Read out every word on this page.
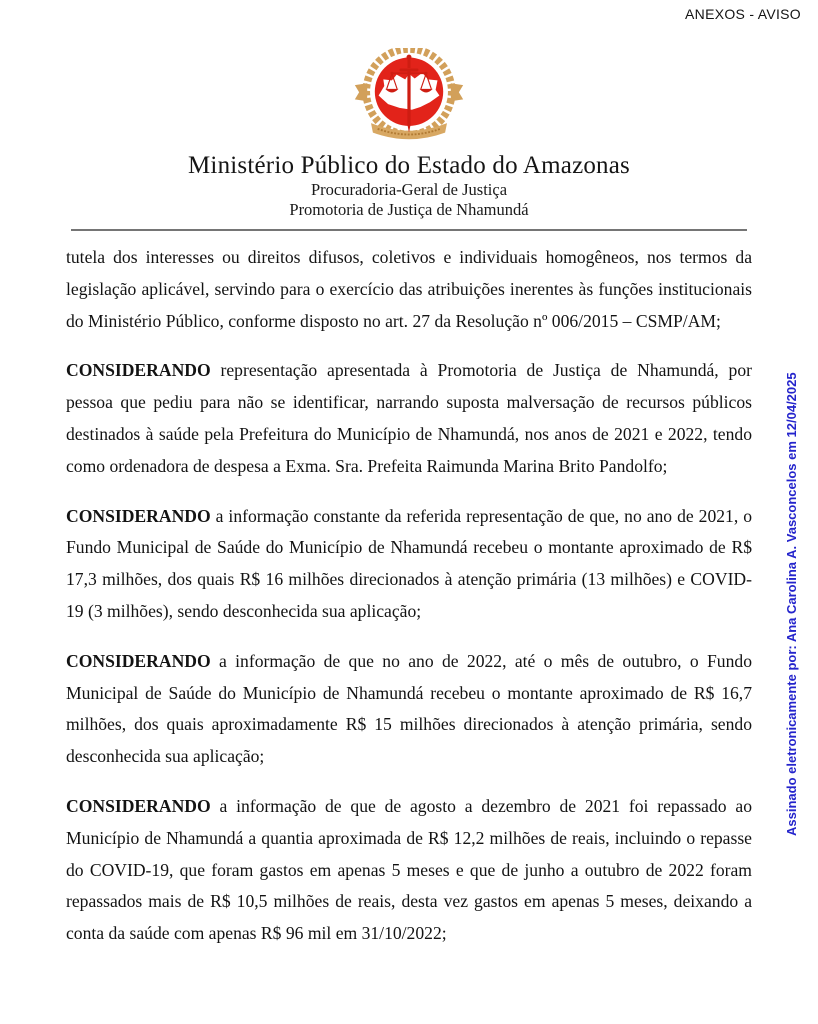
ANEXOS - AVISO
Ministério Público do Estado do Amazonas
Procuradoria-Geral de Justiça
Promotoria de Justiça de Nhamundá

tutela dos interesses ou direitos difusos, coletivos e individuais homogêneos, nos termos da legislação aplicável, servindo para o exercício das atribuições inerentes às funções institucionais do Ministério Público, conforme disposto no art. 27 da Resolução nº 006/2015 – CSMP/AM;

CONSIDERANDO representação apresentada à Promotoria de Justiça de Nhamundá, por pessoa que pediu para não se identificar, narrando suposta malversação de recursos públicos destinados à saúde pela Prefeitura do Município de Nhamundá, nos anos de 2021 e 2022, tendo como ordenadora de despesa a Exma. Sra. Prefeita Raimunda Marina Brito Pandolfo;

CONSIDERANDO a informação constante da referida representação de que, no ano de 2021, o Fundo Municipal de Saúde do Município de Nhamundá recebeu o montante aproximado de R$ 17,3 milhões, dos quais R$ 16 milhões direcionados à atenção primária (13 milhões) e COVID-19 (3 milhões), sendo desconhecida sua aplicação;

CONSIDERANDO a informação de que no ano de 2022, até o mês de outubro, o Fundo Municipal de Saúde do Município de Nhamundá recebeu o montante aproximado de R$ 16,7 milhões, dos quais aproximadamente R$ 15 milhões direcionados à atenção primária, sendo desconhecida sua aplicação;

CONSIDERANDO a informação de que de agosto a dezembro de 2021 foi repassado ao Município de Nhamundá a quantia aproximada de R$ 12,2 milhões de reais, incluindo o repasse do COVID-19, que foram gastos em apenas 5 meses e que de junho a outubro de 2022 foram repassados mais de R$ 10,5 milhões de reais, desta vez gastos em apenas 5 meses, deixando a conta da saúde com apenas R$ 96 mil em 31/10/2022;

Assinado eletronicamente por: Ana Carolina A. Vasconcelos em 12/04/2025
